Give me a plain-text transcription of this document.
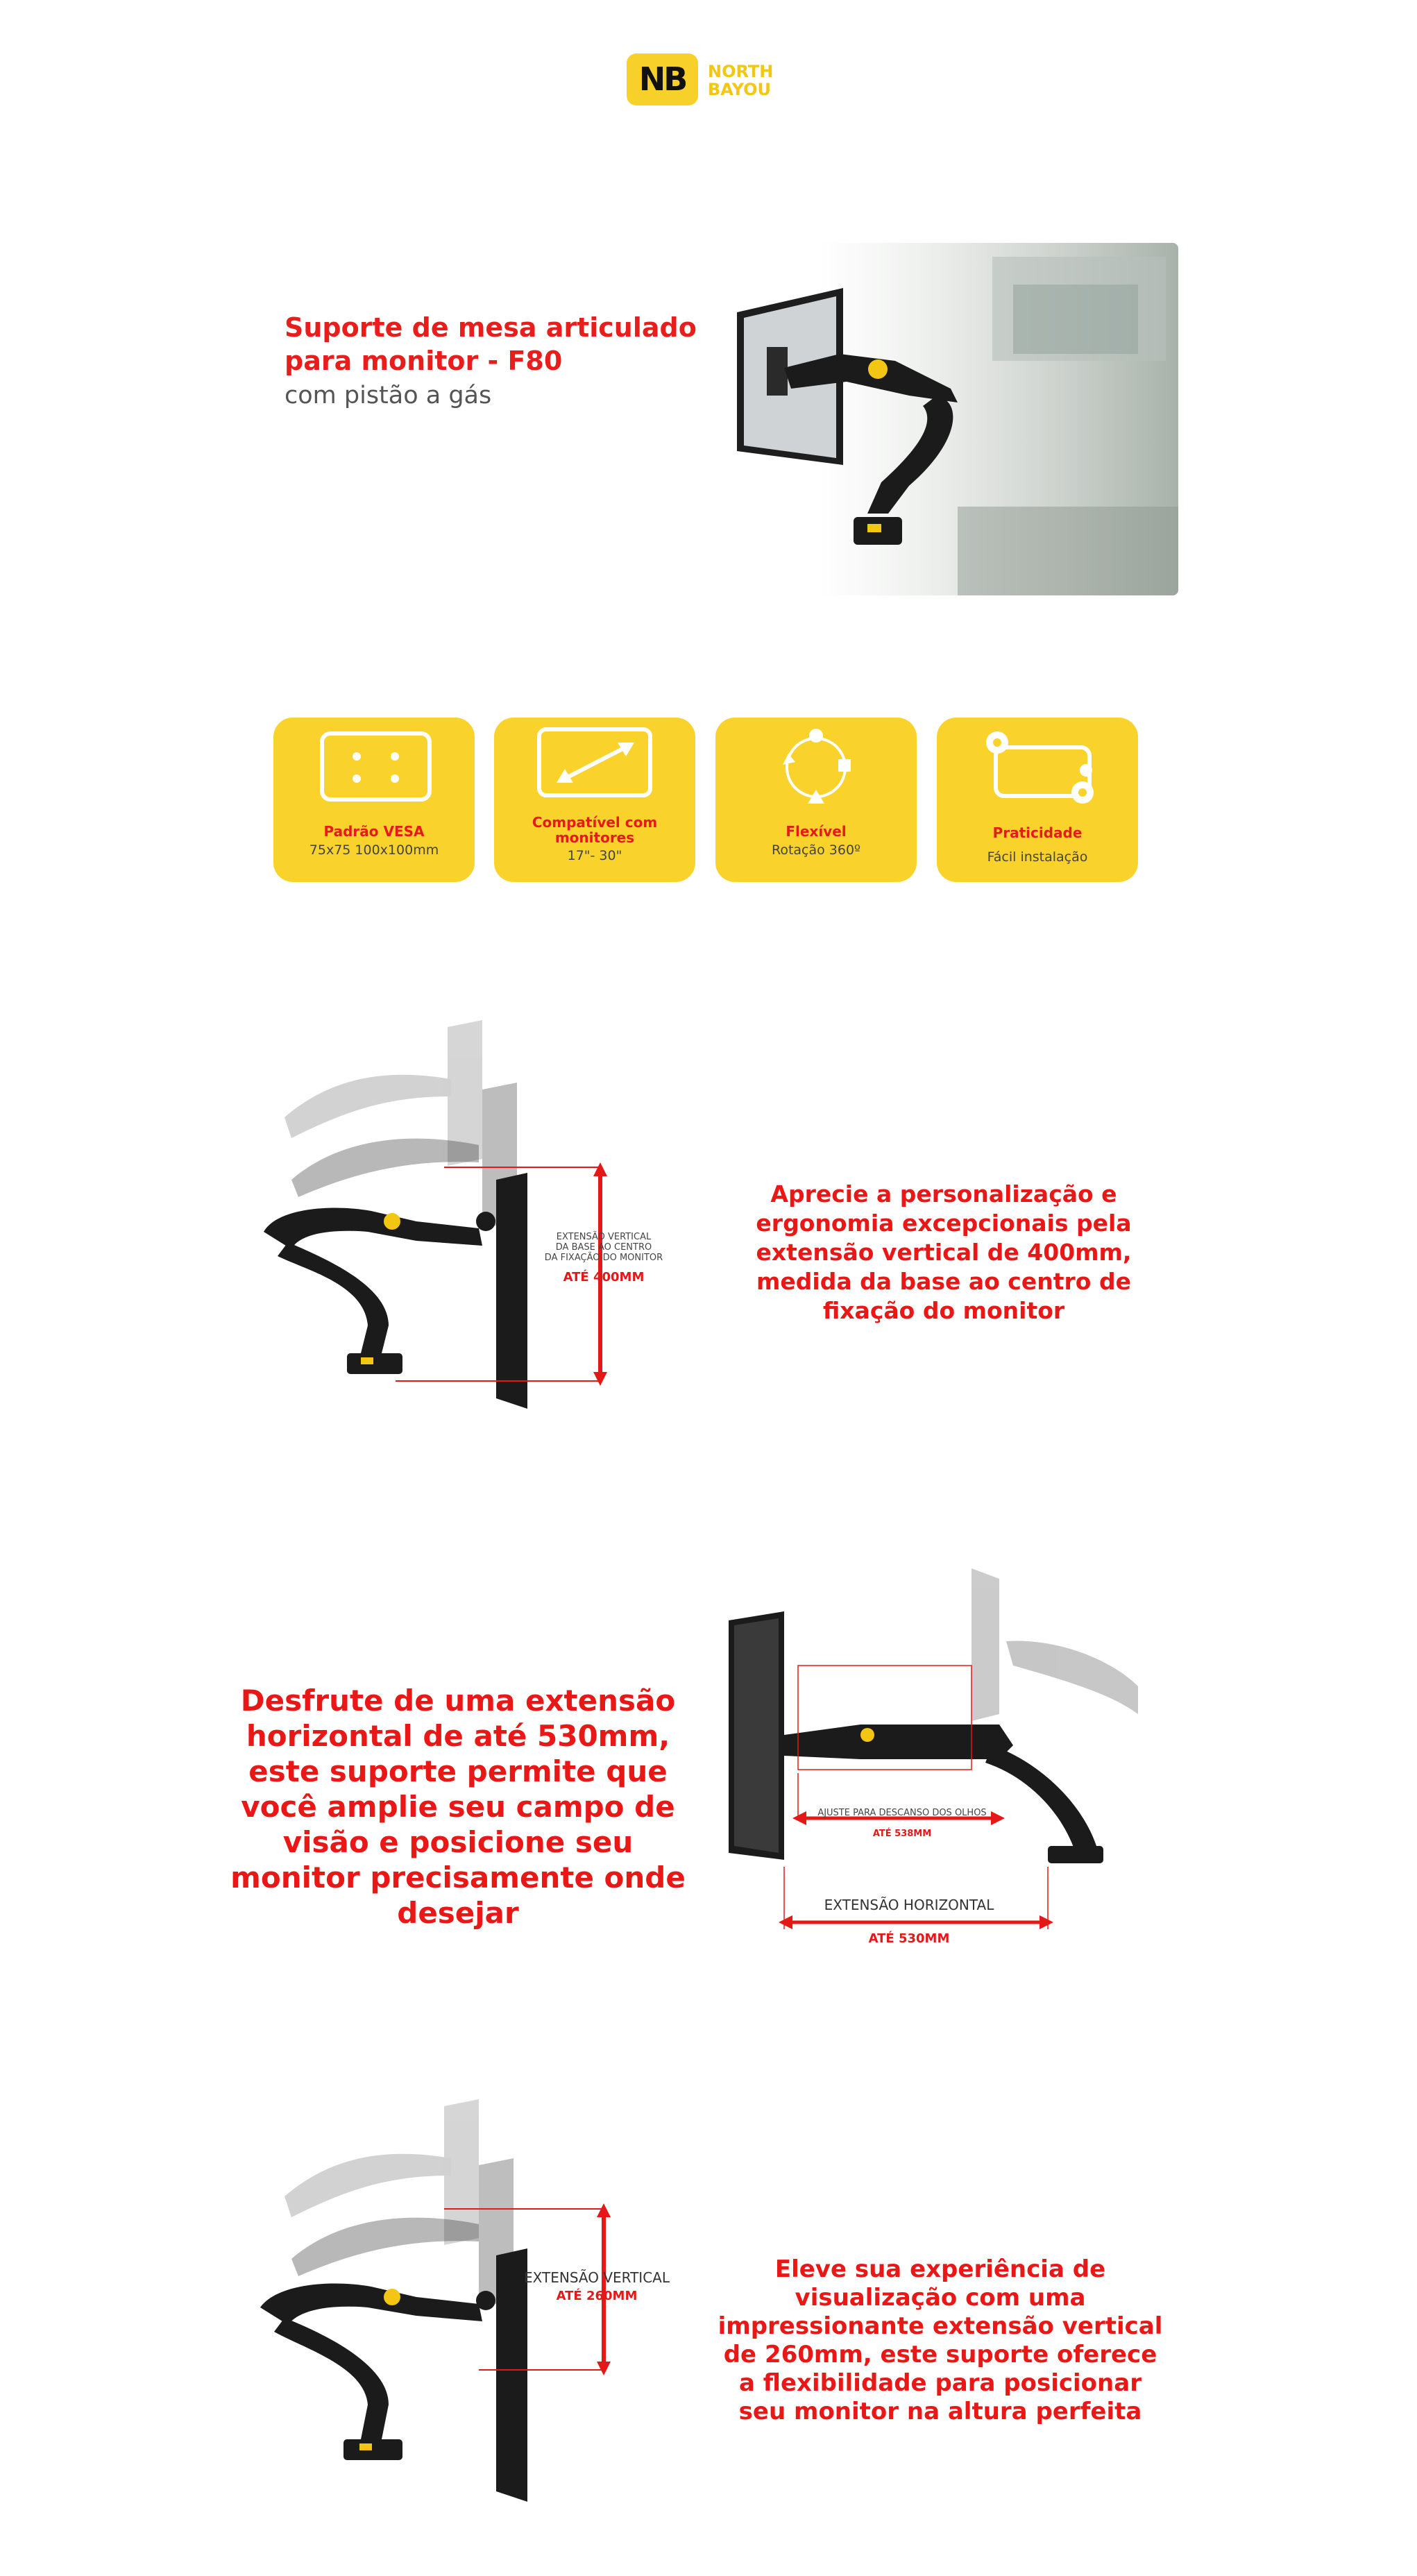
NB	NORTH
BAYOU
Suporte de mesa articulado
para monitor - F80
com pistão a gás
Padrão VESA
75x75 100x100mm
Compatível com monitores
17"- 30"
Flexível
Rotação 360º
Praticidade
Fácil instalação
EXTENSÃO VERTICAL
DA BASE AO CENTRO
DA FIXAÇÃO DO MONITOR
ATÉ 400MM
Aprecie a personalização e ergonomia excepcionais pela extensão vertical de 400mm, medida da base ao centro de fixação do monitor
Desfrute de uma extensão horizontal de até 530mm, este suporte permite que você amplie seu campo de visão e posicione seu monitor precisamente onde desejar
AJUSTE PARA DESCANSO DOS OLHOS
ATÉ 538MM
EXTENSÃO HORIZONTAL
ATÉ 530MM
EXTENSÃO VERTICAL
ATÉ 260MM
Eleve sua experiência de visualização com uma impressionante extensão vertical de 260mm, este suporte oferece a flexibilidade para posicionar seu monitor na altura perfeita
